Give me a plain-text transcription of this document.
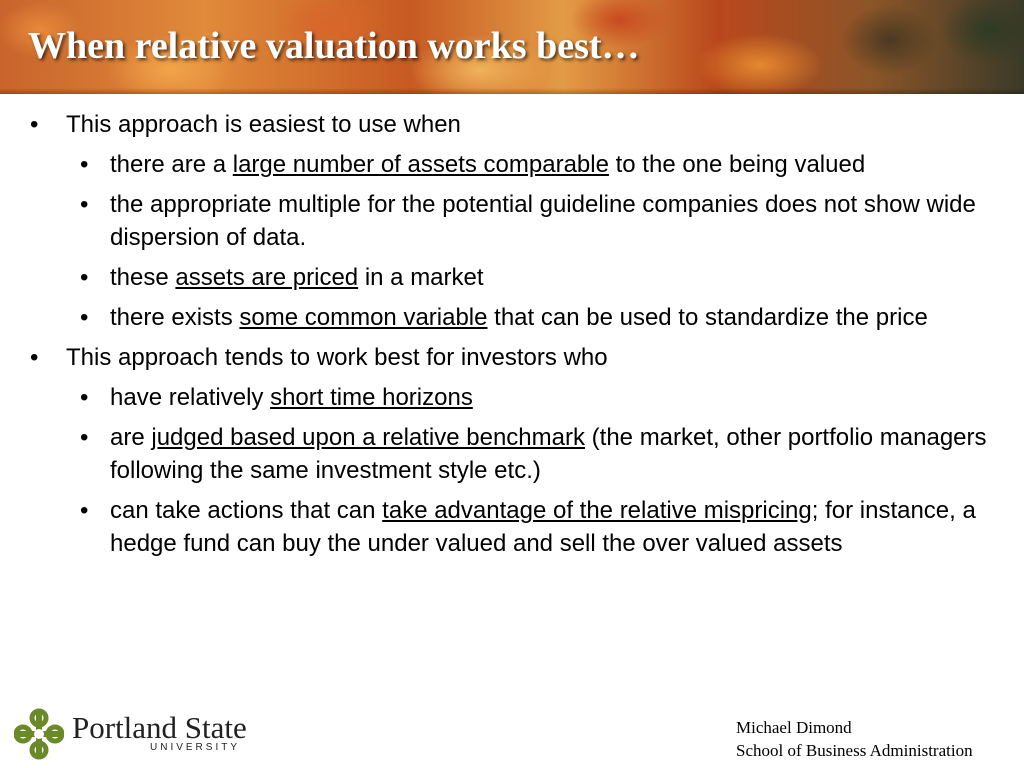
When relative valuation works best…
• This approach is easiest to use when
• there are a large number of assets comparable to the one being valued
• the appropriate multiple for the potential guideline companies does not show wide dispersion of data.
• these assets are priced in a market
• there exists some common variable that can be used to standardize the price
• This approach tends to work best for investors who
• have relatively short time horizons
• are judged based upon a relative benchmark (the market, other portfolio managers following the same investment style etc.)
• can take actions that can take advantage of the relative mispricing; for instance, a hedge fund can buy the under valued and sell the over valued assets

Portland State

UNIVERSITY

Michael Dimond
School of Business Administration
